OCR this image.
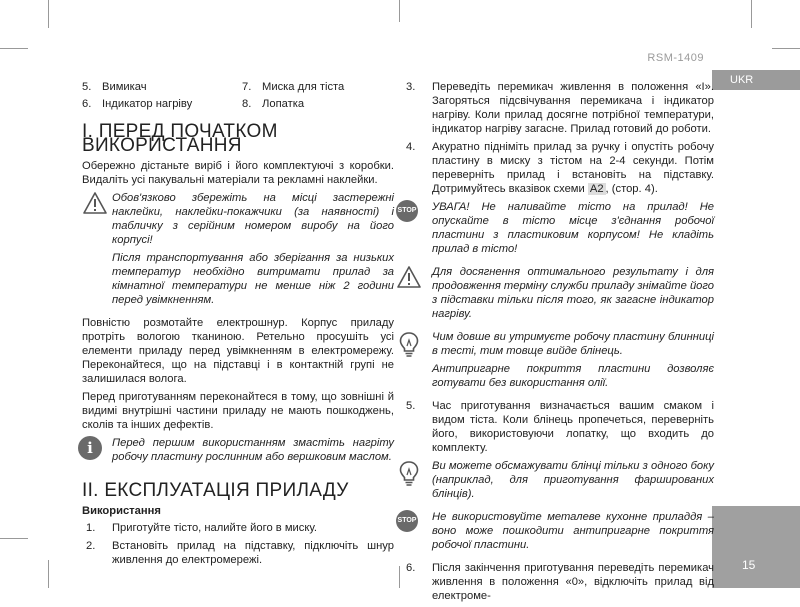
RSM-1409
UKR
15
5. Вимикач	7. Миска для тіста
6. Індикатор нагріву	8. Лопатка
I. ПЕРЕД ПОЧАТКОМ ВИКОРИСТАННЯ

Обережно дістаньте виріб і його комплектуючі з коробки. Видаліть усі пакувальні матеріали та рекламні наклейки.

Обов'язково збережіть на місці застережні наклейки, наклейки-покажчики (за наявності) і табличку з серійним номером виробу на його корпусі!

Після транспортування або зберігання за низьких температур необхідно витримати прилад за кімнатної температури не менше ніж 2 години перед увімкненням.

Повністю розмотайте електрошнур. Корпус приладу протріть вологою тканиною. Ретельно просушіть усі елементи приладу перед увімкненням в електромережу. Переконайтеся, що на підставці і в контактній групі не залишилася волога.

Перед приготуванням переконайтеся в тому, що зовнішні й видимі внутрішні частини приладу не мають пошкоджень, сколів та інших дефектів.

i	Перед першим використанням змастіть нагріту робочу пластину рослинним або вершковим маслом.

II. ЕКСПЛУАТАЦІЯ ПРИЛАДУ
Використання
1.	Приготуйте тісто, налийте його в миску.
2.	Встановіть прилад на підставку, підключіть шнур живлення до електромережі.
3.	Переведіть перемикач живлення в положення «I». Загоряться підсвічування перемикача і індикатор нагріву. Коли прилад досягне потрібної температури, індикатор нагріву загасне. Прилад готовий до роботи.
4.	Акуратно підніміть прилад за ручку і опустіть робочу пластину в миску з тістом на 2-4 секунди. Потім переверніть прилад і встановіть на підставку. Дотримуйтесь вказівок схеми A2 , (стор. 4).
STOP УВАГА! Не наливайте тісто на прилад! Не опускайте в тісто місце з'єднання робочої пластини з пластиковим корпусом! Не кладіть прилад в тісто!

Для досягнення оптимального результату і для продовження терміну служби приладу знімайте його з підставки тільки після того, як загасне індикатор нагріву.

Чим довше ви утримуєте робочу пластину блинниці в тесті, тим товще вийде блінець.

Антипригарне покриття пластини дозволяє готувати без використання олії.

5.	Час приготування визначається вашим смаком і видом тіста. Коли блінець пропечеться, переверніть його, використовуючи лопатку, що входить до комплекту.

Ви можете обсмажувати блінці тільки з одного боку (наприклад, для приготування фаршированих блінців).

STOP Не використовуйте металеве кухонне приладдя – воно може пошкодити антипригарне покриття робочої пластини.

6.	Після закінчення приготування переведіть перемикач живлення в положення «0», відключіть прилад від електроме-
